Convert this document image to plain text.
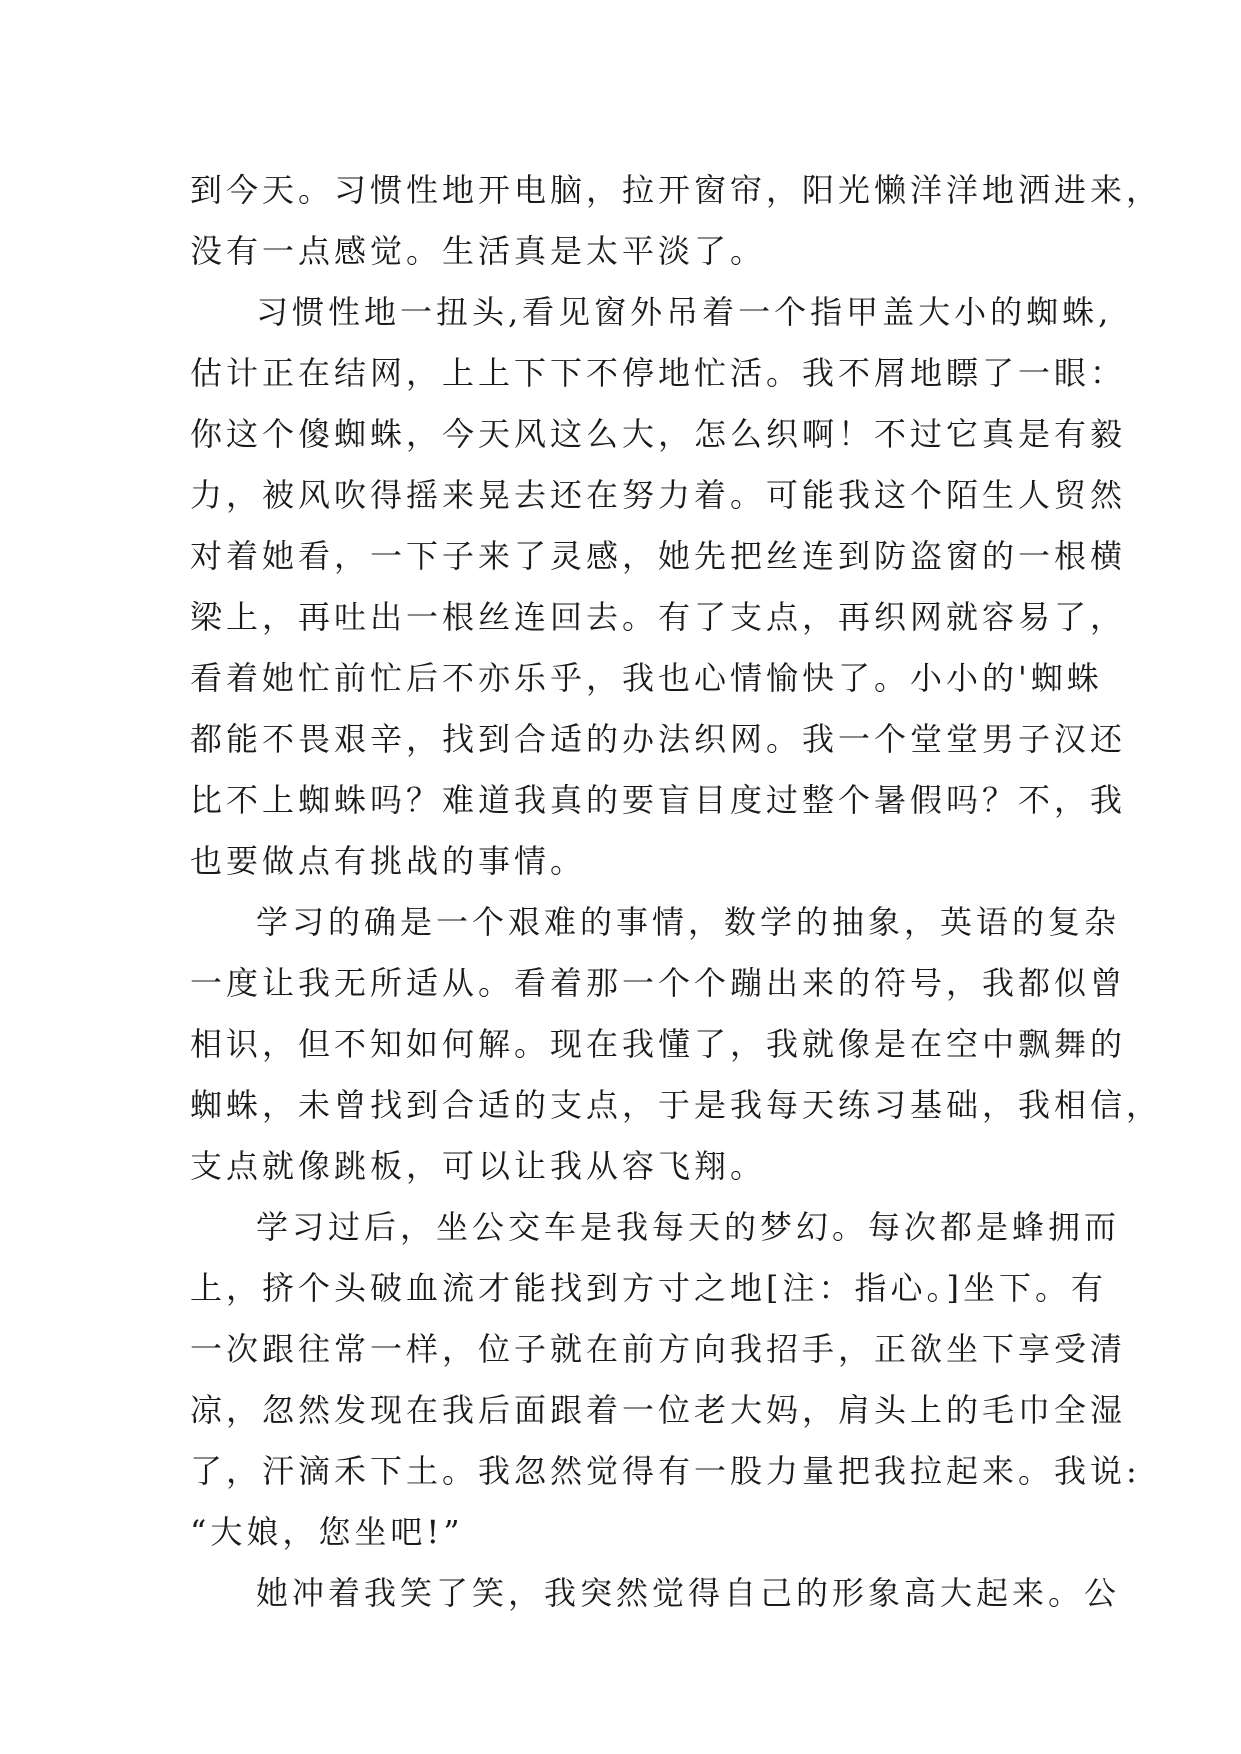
到今天。习惯性地开电脑，拉开窗帘，阳光懒洋洋地洒进来，
没有一点感觉。生活真是太平淡了。
习惯性地一扭头,看见窗外吊着一个指甲盖大小的蜘蛛,
估计正在结网，上上下下不停地忙活。我不屑地瞟了一眼：
你这个傻蜘蛛，今天风这么大，怎么织啊！不过它真是有毅
力，被风吹得摇来晃去还在努力着。可能我这个陌生人贸然
对着她看，一下子来了灵感，她先把丝连到防盗窗的一根横
梁上，再吐出一根丝连回去。有了支点，再织网就容易了，
看着她忙前忙后不亦乐乎，我也心情愉快了。小小的'蜘蛛
都能不畏艰辛，找到合适的办法织网。我一个堂堂男子汉还
比不上蜘蛛吗？难道我真的要盲目度过整个暑假吗？不，我
也要做点有挑战的事情。
学习的确是一个艰难的事情，数学的抽象，英语的复杂
一度让我无所适从。看着那一个个蹦出来的符号，我都似曾
相识，但不知如何解。现在我懂了，我就像是在空中飘舞的
蜘蛛，未曾找到合适的支点，于是我每天练习基础，我相信，
支点就像跳板，可以让我从容飞翔。
学习过后，坐公交车是我每天的梦幻。每次都是蜂拥而
上，挤个头破血流才能找到方寸之地[注：指心。]坐下。有
一次跟往常一样，位子就在前方向我招手，正欲坐下享受清
凉，忽然发现在我后面跟着一位老大妈，肩头上的毛巾全湿
了，汗滴禾下土。我忽然觉得有一股力量把我拉起来。我说:
“大娘，您坐吧!”
她冲着我笑了笑，我突然觉得自己的形象高大起来。公
